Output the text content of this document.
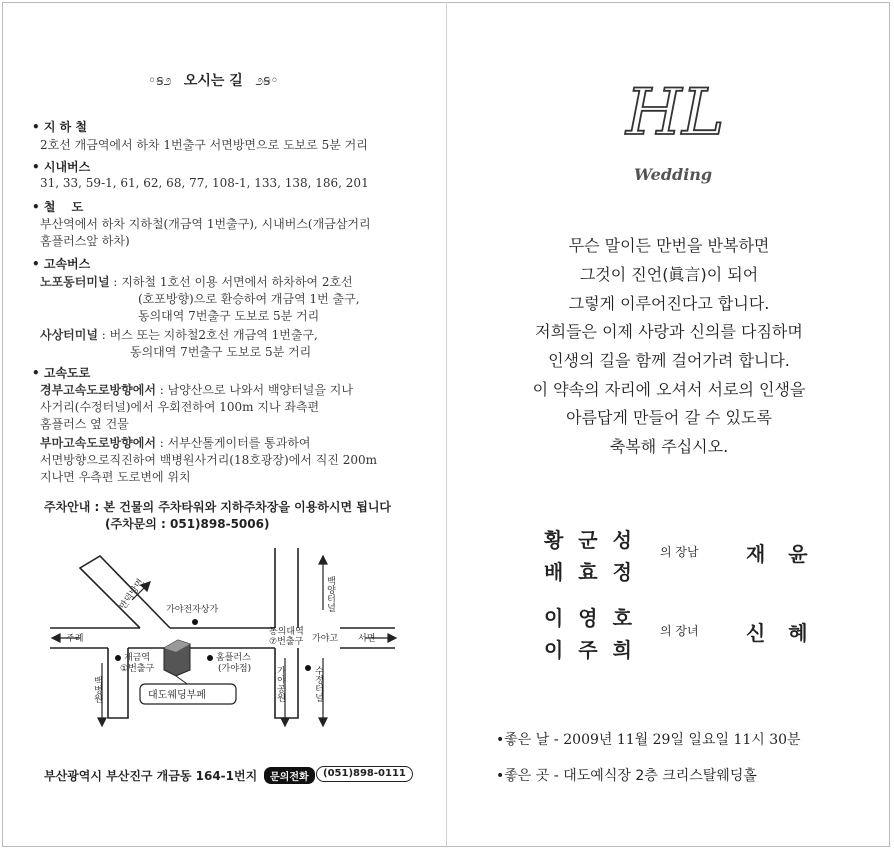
◦ꞩ೨ 오시는 길 ೨ꞩ◦
• 지 하 철
2호선 개금역에서 하차 1번출구 서면방면으로 도보로 5분 거리
• 시내버스
31, 33, 59-1, 61, 62, 68, 77, 108-1, 133, 138, 186, 201
• 철　 도
부산역에서 하차 지하철(개금역 1번출구), 시내버스(개금삼거리
홈플러스앞 하차)
• 고속버스
노포동터미널 : 지하철 1호선 이용 서면에서 하차하여 2호선
(호포방향)으로 환승하여 개금역 1번 출구,
동의대역 7번출구 도보로 5분 거리
사상터미널 : 버스 또는 지하철2호선 개금역 1번출구,
동의대역 7번출구 도보로 5분 거리
• 고속도로
경부고속도로방향에서 : 남양산으로 나와서 백양터널을 지나
사거리(수정터널)에서 우회전하여 100m 지나 좌측편
홈플러스 옆 건물
부마고속도로방향에서 : 서부산톨게이터를 통과하여
서면방향으로직진하여 백병원사거리(18호광장)에서 직진 200m
지나면 우측편 도로변에 위치
주차안내 : 본 건물의 주차타워와 지하주차장을 이용하시면 됩니다
(주차문의 : 051)898-5006)
가야전자상가
주례	서면
가야고
동의대역
⑦번출구
개금역
①번출구
홈플러스
(가야점)
대도웨딩부페
만덕방면	백양터널
백병원	가야공원	수정터널
부산광역시 부산진구 개금동 164-1번지	문의전화	(051)898-0111
HL
Wedding
무슨 말이든 만번을 반복하면
그것이 진언(眞言)이 되어
그렇게 이루어진다고 합니다.
저희들은 이제 사랑과 신의를 다짐하며
인생의 길을 함께 걸어가려 합니다.
이 약속의 자리에 오셔서 서로의 인생을
아름답게 만들어 갈 수 있도록
축복해 주십시오.
황 군 성
배 효 정
의 장남 재 윤
이 영 호
이 주 희
의 장녀 신 혜
•좋은 날 - 2009년 11월 29일 일요일 11시 30분
•좋은 곳 - 대도예식장 2층 크리스탈웨딩홀
